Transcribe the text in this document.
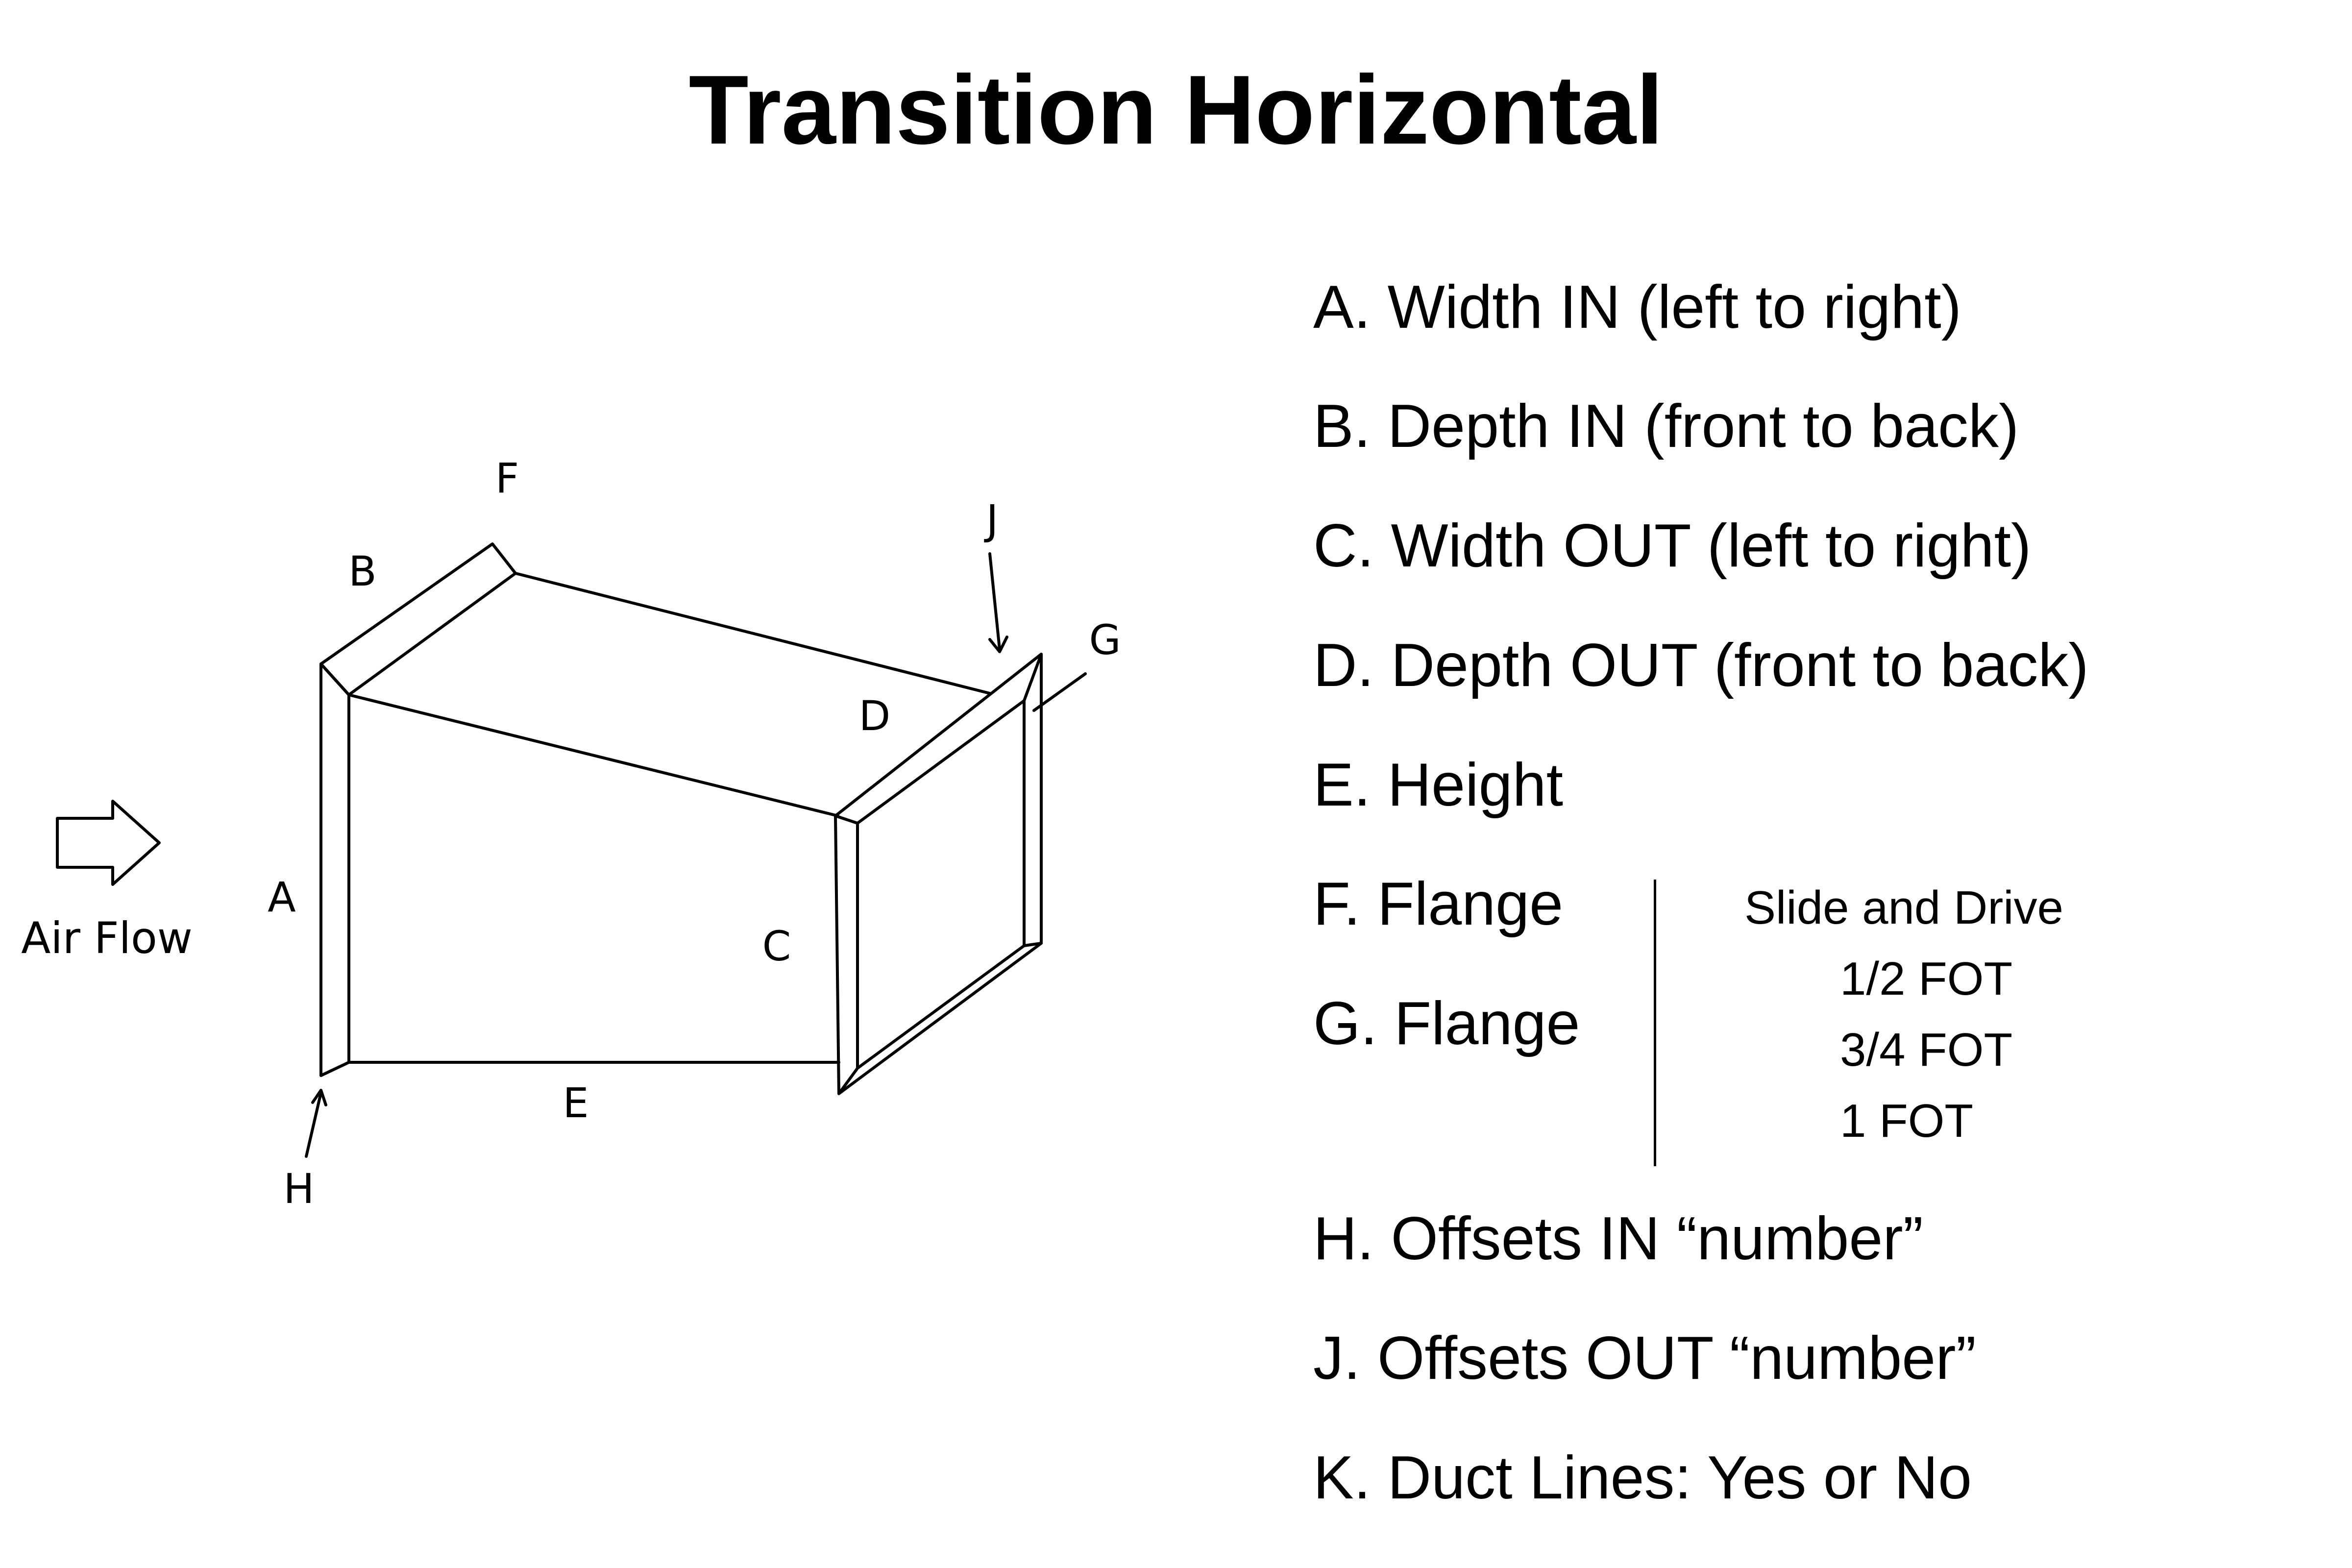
Transition Horizontal
F
B
J
G
D
A
C
E
H
Air Flow
A. Width IN (left to right)
B. Depth IN (front to back)
C. Width OUT (left to right)
D. Depth OUT (front to back)
E. Height
F. Flange
G. Flange
H. Offsets IN “number”
J. Offsets OUT “number”
K. Duct Lines: Yes or No
Slide and Drive
1/2 FOT
3/4 FOT
1 FOT
